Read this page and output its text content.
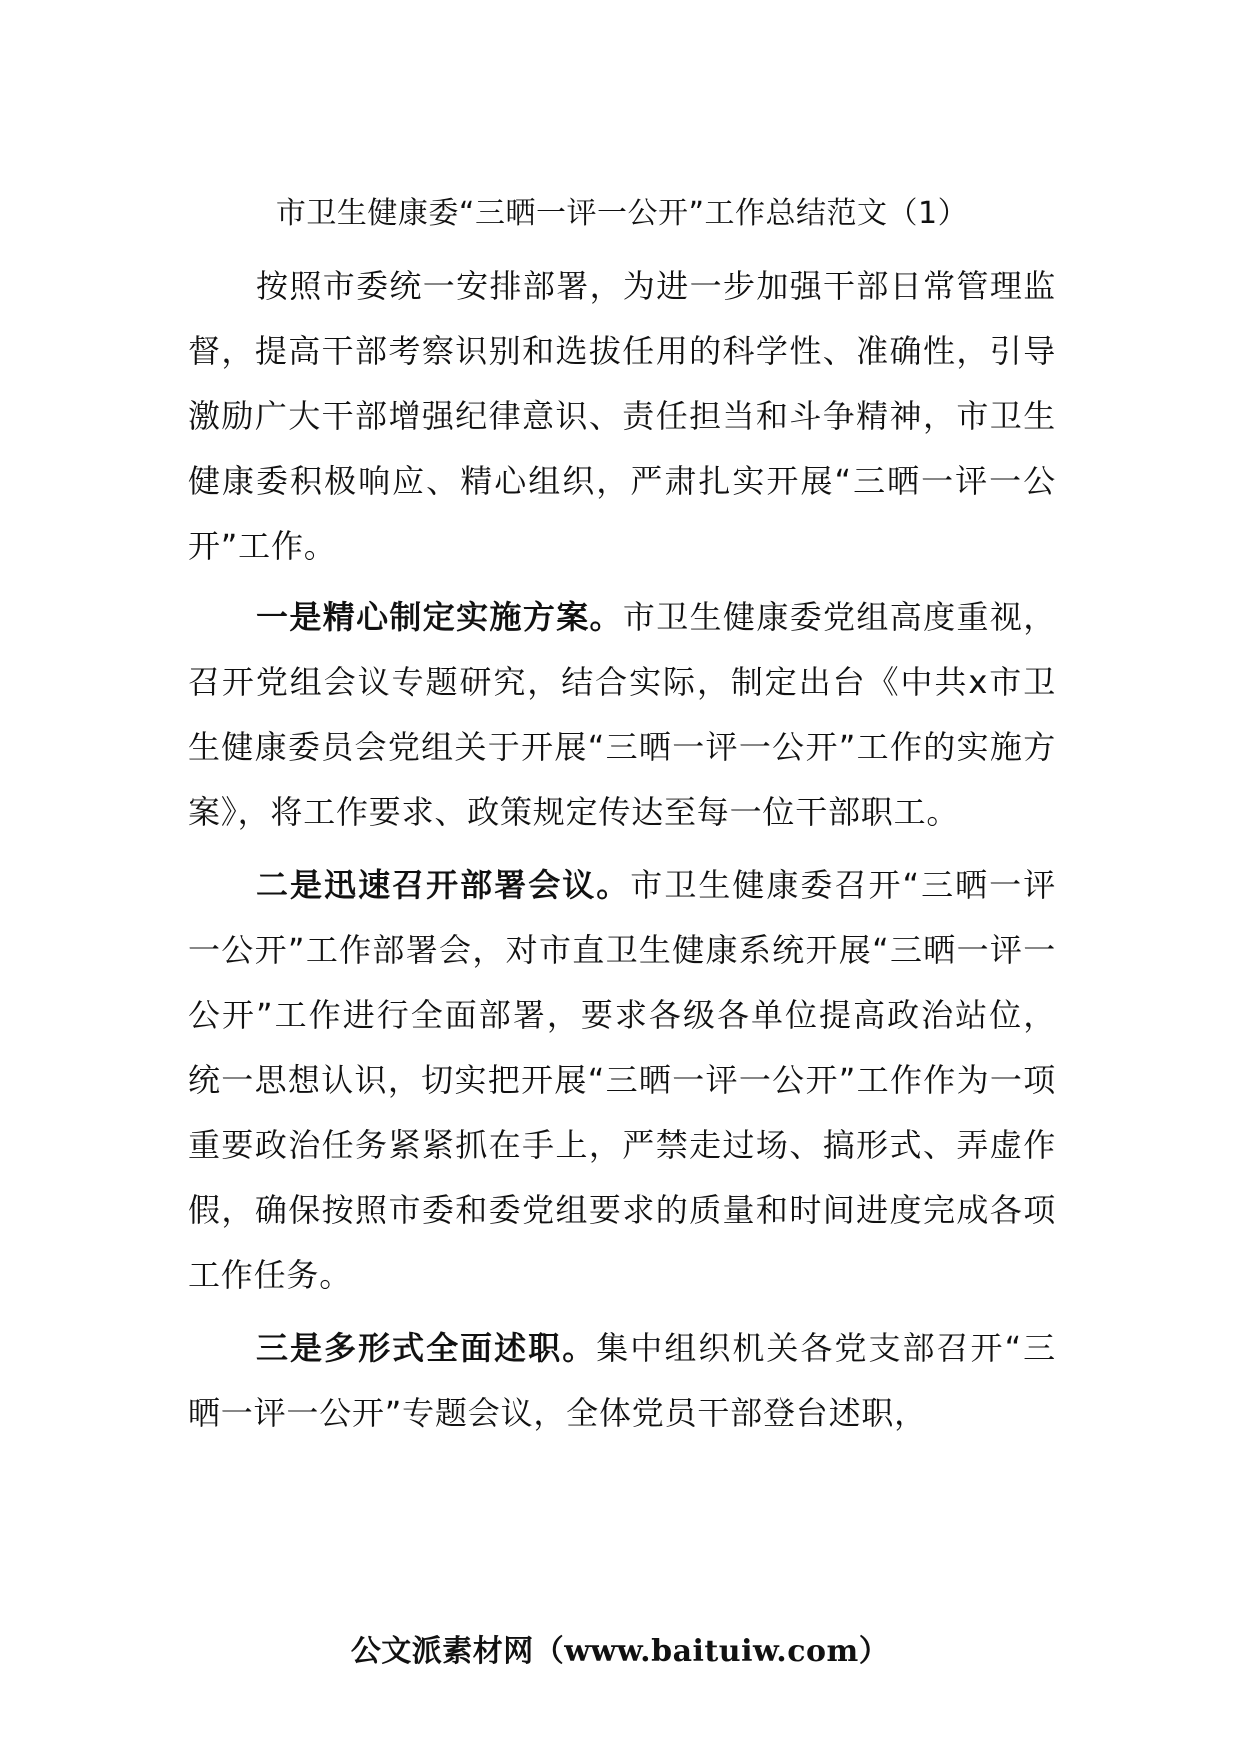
市卫生健康委“三晒一评一公开”工作总结范文（1）

按照市委统一安排部署，为进一步加强干部日常管理监督，提高干部考察识别和选拔任用的科学性、准确性，引导激励广大干部增强纪律意识、责任担当和斗争精神，市卫生健康委积极响应、精心组织，严肃扎实开展“三晒一评一公开”工作。

一是精心制定实施方案。市卫生健康委党组高度重视，召开党组会议专题研究，结合实际，制定出台《中共x市卫生健康委员会党组关于开展“三晒一评一公开”工作的实施方案》，将工作要求、政策规定传达至每一位干部职工。

二是迅速召开部署会议。市卫生健康委召开“三晒一评一公开”工作部署会，对市直卫生健康系统开展“三晒一评一公开”工作进行全面部署，要求各级各单位提高政治站位，统一思想认识，切实把开展“三晒一评一公开”工作作为一项重要政治任务紧紧抓在手上，严禁走过场、搞形式、弄虚作假，确保按照市委和委党组要求的质量和时间进度完成各项工作任务。

三是多形式全面述职。集中组织机关各党支部召开“三晒一评一公开”专题会议，全体党员干部登台述职，

公文派素材网（www.baituiw.com）
